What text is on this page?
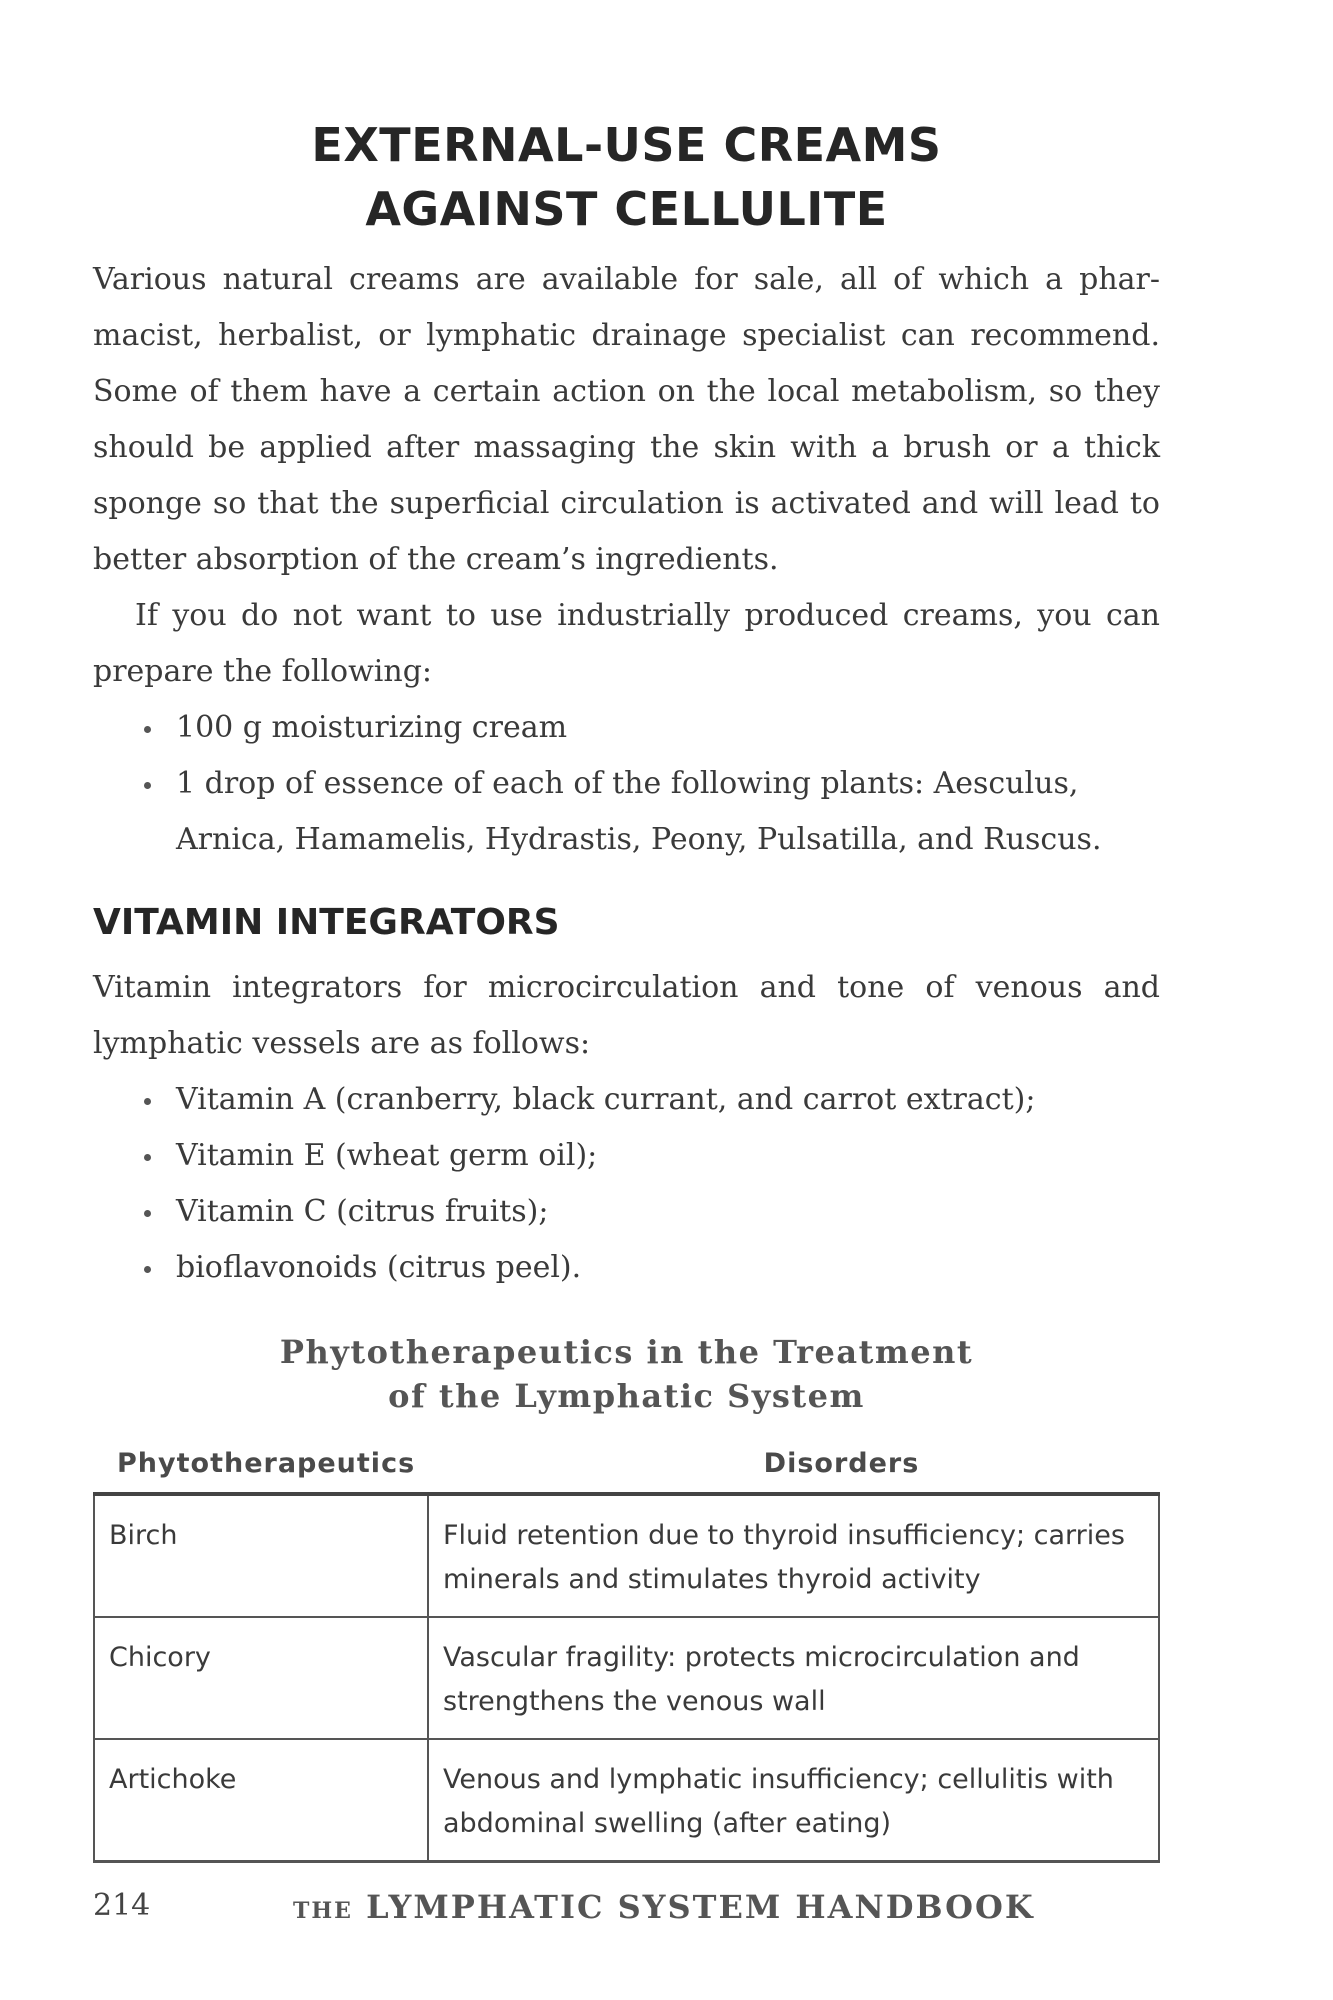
EXTERNAL-USE CREAMS
AGAINST CELLULITE
Various natural creams are available for sale, all of which a phar- macist, herbalist, or lymphatic drainage specialist can recommend. Some of them have a certain action on the local metabolism, so they should be applied after massaging the skin with a brush or a thick sponge so that the superficial circulation is activated and will lead to better absorption of the cream’s ingredients.
If you do not want to use industrially produced creams, you can prepare the following:
100 g moisturizing cream
1 drop of essence of each of the following plants: Aesculus, Arnica, Hamamelis, Hydrastis, Peony, Pulsatilla, and Ruscus.
VITAMIN INTEGRATORS
Vitamin integrators for microcirculation and tone of venous and lymphatic vessels are as follows:
Vitamin A (cranberry, black currant, and carrot extract);
Vitamin E (wheat germ oil);
Vitamin C (citrus fruits);
bioflavonoids (citrus peel).
Phytotherapeutics in the Treatment
of the Lymphatic System
Phytotherapeutics	Disorders
Birch	Fluid retention due to thyroid insufficiency; carries
minerals and stimulates thyroid activity

Chicory	Vascular fragility: protects microcirculation and
strengthens the venous wall

Artichoke	Venous and lymphatic insufficiency; cellulitis with
abdominal swelling (after eating)
214	THE LYMPHATIC SYSTEM HANDBOOK
